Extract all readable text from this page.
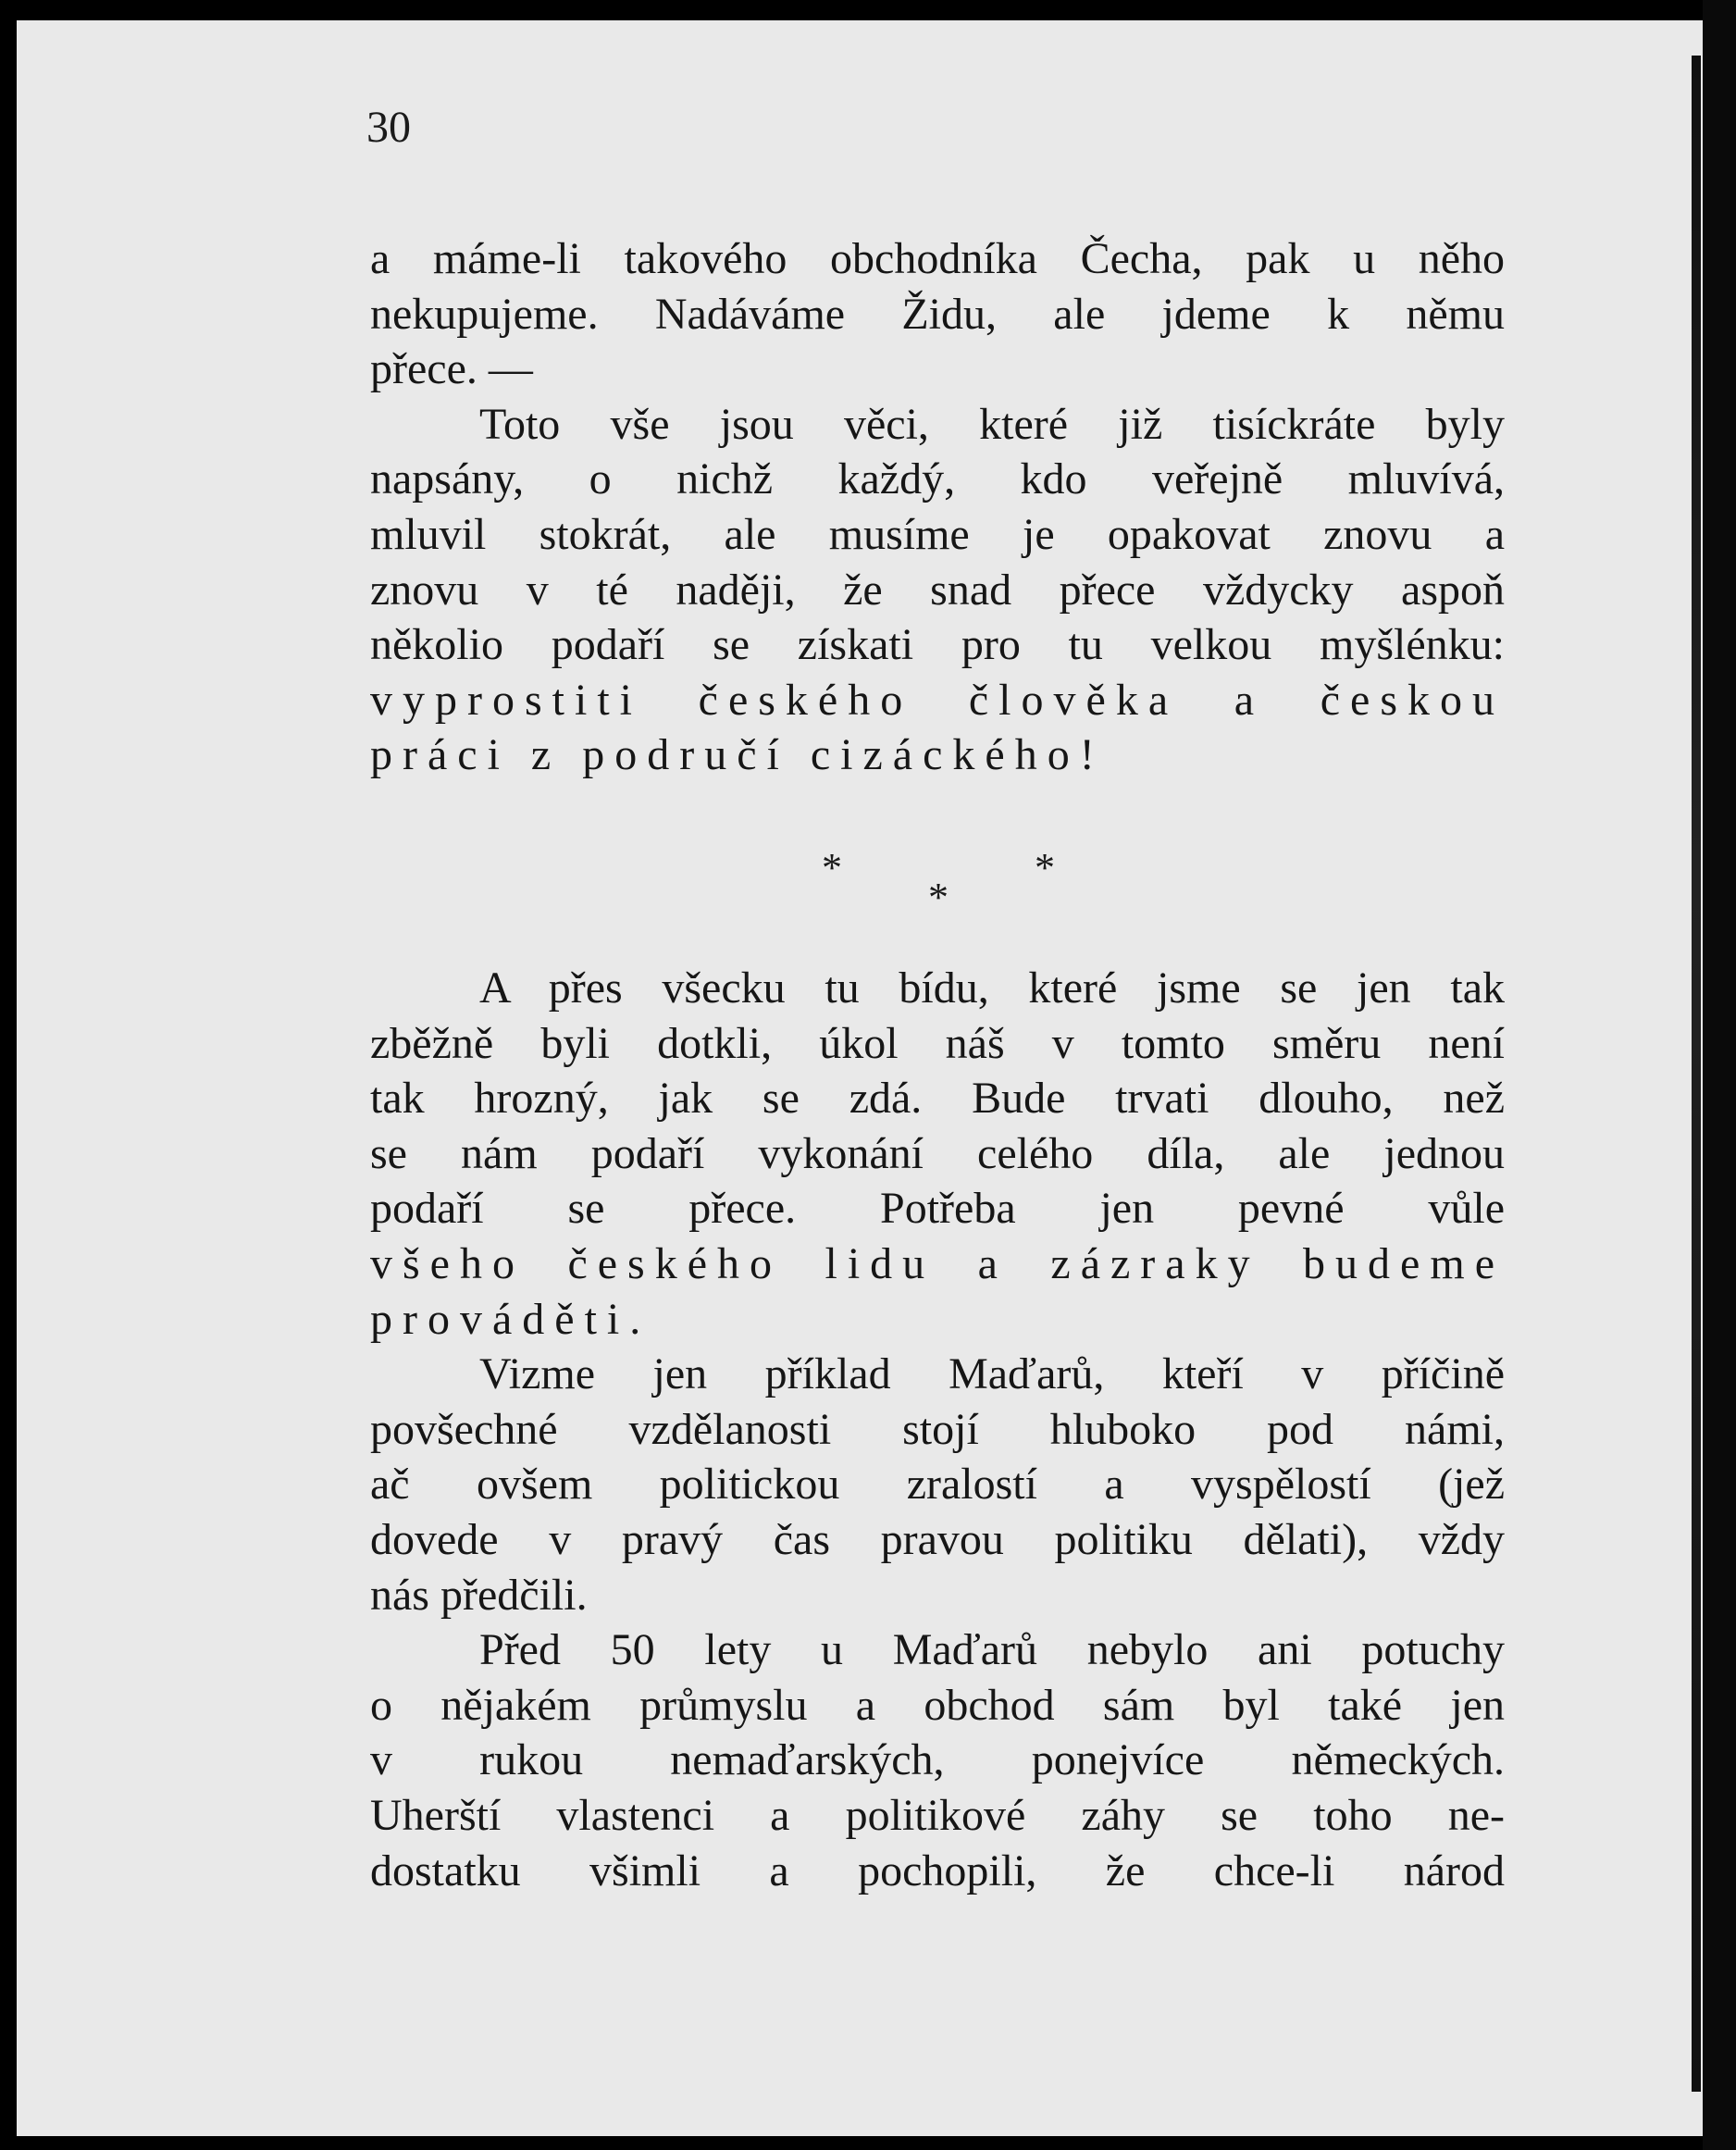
30
a máme-li takového obchodníka Čecha, pak u něho
nekupujeme. Nadáváme Židu, ale jdeme k němu
přece. —
Toto vše jsou věci, které již tisíckráte byly
napsány, o nichž každý, kdo veřejně mluvívá,
mluvil stokrát, ale musíme je opakovat znovu a
znovu v té naději, že snad přece vždycky aspoň
několio podaří se získati pro tu velkou myšlénku:
vyprostiti českého člověka a českou
práci z područí cizáckého!
*	*
*
A přes všecku tu bídu, které jsme se jen tak
zběžně byli dotkli, úkol náš v tomto směru není
tak hrozný, jak se zdá. Bude trvati dlouho, než
se nám podaří vykonání celého díla, ale jednou
podaří se přece. Potřeba jen pevné vůle
všeho českého lidu a zázraky budeme
prováděti.
Vizme jen příklad Maďarů, kteří v příčině
povšechné vzdělanosti stojí hluboko pod námi,
ač ovšem politickou zralostí a vyspělostí (jež
dovede v pravý čas pravou politiku dělati), vždy
nás předčili.
Před 50 lety u Maďarů nebylo ani potuchy
o nějakém průmyslu a obchod sám byl také jen
v rukou nemaďarských, ponejvíce německých.
Uherští vlastenci a politikové záhy se toho ne-
dostatku všimli a pochopili, že chce-li národ
